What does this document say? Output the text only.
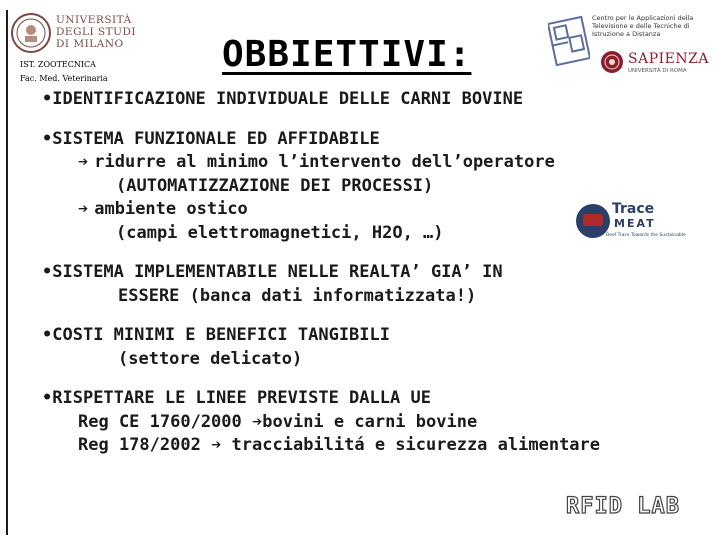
UNIVERSITÀ
DEGLI STUDI
DI MILANO
IST. ZOOTECNICA
Fac. Med. Veterinaria
OBBIETTIVI:
Centro per le Applicazioni della Televisione e delle Tecniche di Istruzione a Distanza
SAPIENZA
UNIVERSITÀ DI ROMA
Trace
MEAT
Beef Trace Towards the Sustainable
• IDENTIFICAZIONE INDIVIDUALE DELLE CARNI BOVINE
• SISTEMA FUNZIONALE ED AFFIDABILE
➔ ridurre al minimo l’intervento dell’operatore
(AUTOMATIZZAZIONE DEI PROCESSI)
➔ ambiente ostico
(campi elettromagnetici, H2O, …)
• SISTEMA IMPLEMENTABILE NELLE REALTA’ GIA’ IN
ESSERE (banca dati informatizzata!)
• COSTI MINIMI E BENEFICI TANGIBILI
(settore delicato)
• RISPETTARE LE LINEE PREVISTE DALLA UE
Reg CE 1760/2000 ➔bovini e carni bovine
Reg 178/2002 ➔ tracciabilitá e sicurezza alimentare
RFID LAB
